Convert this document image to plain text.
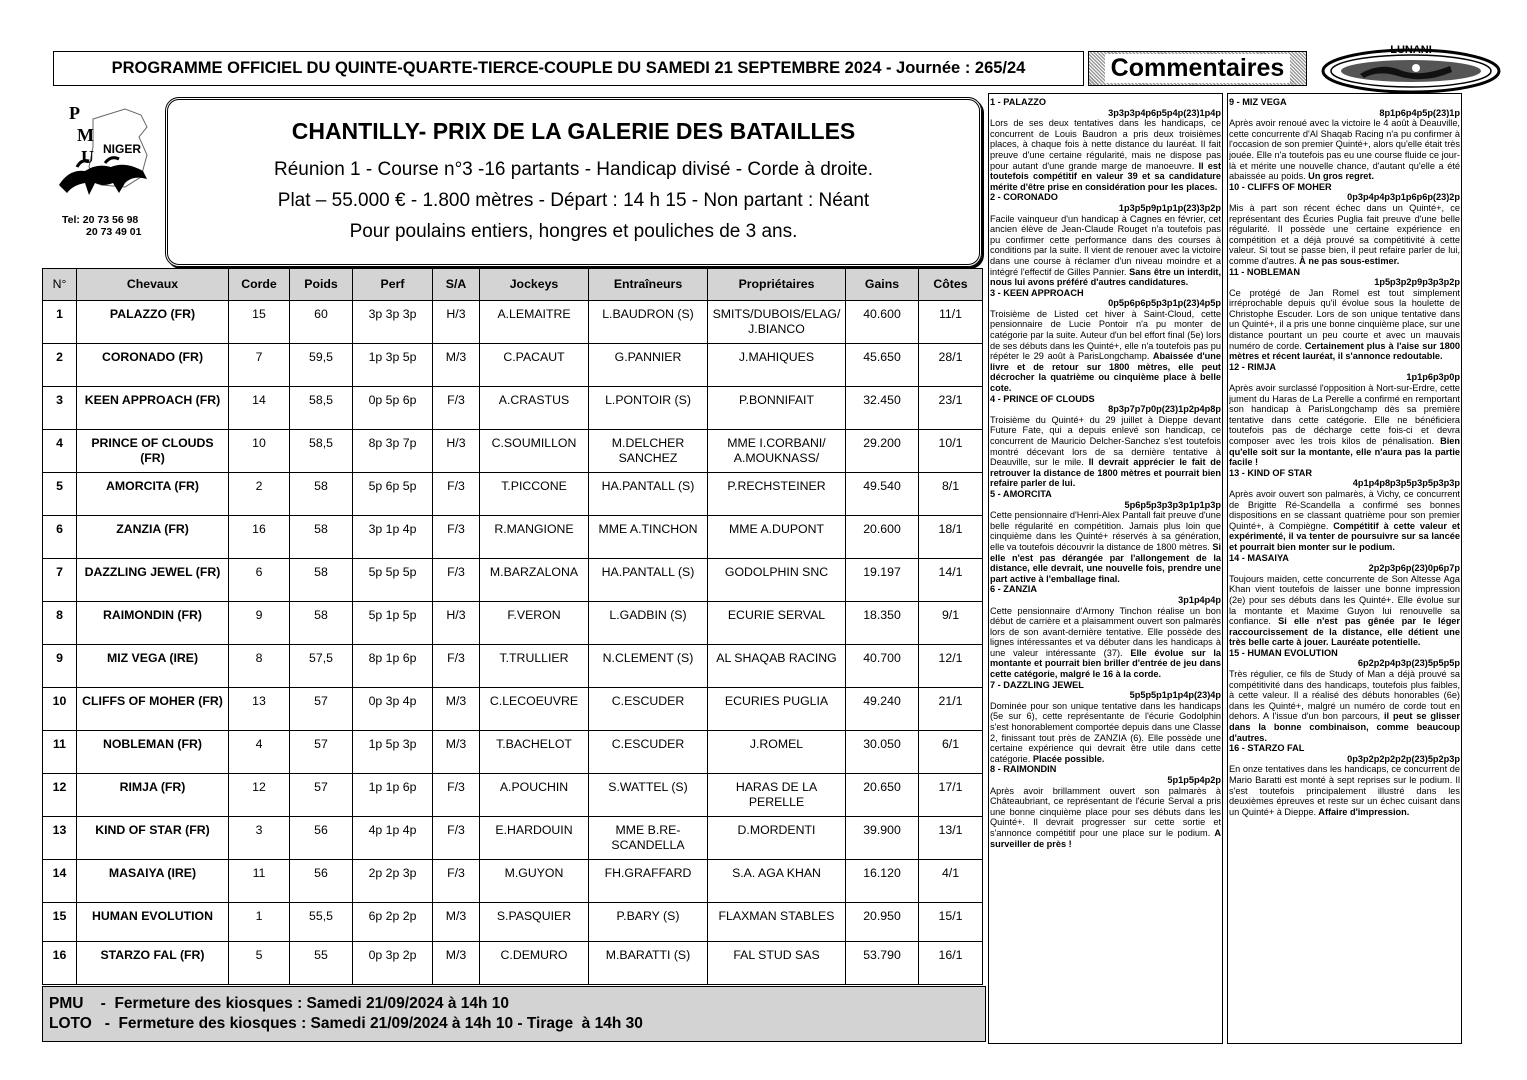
PROGRAMME OFFICIEL DU QUINTE-QUARTE-TIERCE-COUPLE DU SAMEDI 21 SEPTEMBRE 2024 - Journée : 265/24	Commentaires
LUNANI
P
M
U NIGER
Tel: 20 73 56 98
20 73 49 01
CHANTILLY- PRIX DE LA GALERIE DES BATAILLES
Réunion 1 - Course n°3 -16 partants - Handicap divisé - Corde à droite.
Plat – 55.000 € - 1.800 mètres - Départ : 14 h 15 - Non partant : Néant
Pour poulains entiers, hongres et pouliches de 3 ans.
N°	Chevaux	Corde	Poids	Perf	S/A	Jockeys	Entraîneurs	Propriétaires	Gains	Côtes
1	PALAZZO (FR)	15	60	3p 3p 3p	H/3	A.LEMAITRE	L.BAUDRON (S)	SMITS/DUBOIS/ELAG/ J.BIANCO	40.600	11/1
2	CORONADO (FR)	7	59,5	1p 3p 5p	M/3	C.PACAUT	G.PANNIER	J.MAHIQUES	45.650	28/1
3	KEEN APPROACH (FR)	14	58,5	0p 5p 6p	F/3	A.CRASTUS	L.PONTOIR (S)	P.BONNIFAIT	32.450	23/1
4	PRINCE OF CLOUDS (FR)	10	58,5	8p 3p 7p	H/3	C.SOUMILLON	M.DELCHER SANCHEZ	MME I.CORBANI/ A.MOUKNASS/	29.200	10/1
5	AMORCITA (FR)	2	58	5p 6p 5p	F/3	T.PICCONE	HA.PANTALL (S)	P.RECHSTEINER	49.540	8/1
6	ZANZIA (FR)	16	58	3p 1p 4p	F/3	R.MANGIONE	MME A.TINCHON	MME A.DUPONT	20.600	18/1
7	DAZZLING JEWEL (FR)	6	58	5p 5p 5p	F/3	M.BARZALONA	HA.PANTALL (S)	GODOLPHIN SNC	19.197	14/1
8	RAIMONDIN (FR)	9	58	5p 1p 5p	H/3	F.VERON	L.GADBIN (S)	ECURIE SERVAL	18.350	9/1
9	MIZ VEGA (IRE)	8	57,5	8p 1p 6p	F/3	T.TRULLIER	N.CLEMENT (S)	AL SHAQAB RACING	40.700	12/1
10	CLIFFS OF MOHER (FR)	13	57	0p 3p 4p	M/3	C.LECOEUVRE	C.ESCUDER	ECURIES PUGLIA	49.240	21/1
11	NOBLEMAN (FR)	4	57	1p 5p 3p	M/3	T.BACHELOT	C.ESCUDER	J.ROMEL	30.050	6/1
12	RIMJA (FR)	12	57	1p 1p 6p	F/3	A.POUCHIN	S.WATTEL (S)	HARAS DE LA PERELLE	20.650	17/1
13	KIND OF STAR (FR)	3	56	4p 1p 4p	F/3	E.HARDOUIN	MME B.RE- SCANDELLA	D.MORDENTI	39.900	13/1
14	MASAIYA (IRE)	11	56	2p 2p 3p	F/3	M.GUYON	FH.GRAFFARD	S.A. AGA KHAN	16.120	4/1
15	HUMAN EVOLUTION	1	55,5	6p 2p 2p	M/3	S.PASQUIER	P.BARY (S)	FLAXMAN STABLES	20.950	15/1
16	STARZO FAL (FR)	5	55	0p 3p 2p	M/3	C.DEMURO	M.BARATTI (S)	FAL STUD SAS	53.790	16/1
PMU    -  Fermeture des kiosques : Samedi 21/09/2024 à 14h 10
LOTO   -  Fermeture des kiosques : Samedi 21/09/2024 à 14h 10 - Tirage  à 14h 30
1 - PALAZZO
3p3p3p4p6p5p4p(23)1p4p
Lors de ses deux tentatives dans les handicaps, ce concurrent de Louis Baudron a pris deux troisièmes places, à chaque fois à nette distance du lauréat. Il fait preuve d'une certaine régularité, mais ne dispose pas pour autant d'une grande marge de manoeuvre. Il est toutefois compétitif en valeur 39 et sa candidature mérite d'être prise en considération pour les places.
2 - CORONADO
1p3p5p9p1p1p(23)3p2p
Facile vainqueur d'un handicap à Cagnes en février, cet ancien élève de Jean-Claude Rouget n'a toutefois pas pu confirmer cette performance dans des courses à conditions par la suite. Il vient de renouer avec la victoire dans une course à réclamer d'un niveau moindre et a intégré l'effectif de Gilles Pannier. Sans être un interdit, nous lui avons préféré d'autres candidatures.
3 - KEEN APPROACH
0p5p6p6p5p3p1p(23)4p5p
Troisième de Listed cet hiver à Saint-Cloud, cette pensionnaire de Lucie Pontoir n'a pu monter de catégorie par la suite. Auteur d'un bel effort final (5e) lors de ses débuts dans les Quinté+, elle n'a toutefois pas pu répéter le 29 août à ParisLongchamp. Abaissée d'une livre et de retour sur 1800 mètres, elle peut décrocher la quatrième ou cinquième place à belle cote.
4 - PRINCE OF CLOUDS
8p3p7p7p0p(23)1p2p4p8p
Troisième du Quinté+ du 29 juillet à Dieppe devant Future Fate, qui a depuis enlevé son handicap, ce concurrent de Mauricio Delcher-Sanchez s'est toutefois montré décevant lors de sa dernière tentative à Deauville, sur le mile. Il devrait apprécier le fait de retrouver la distance de 1800 mètres et pourrait bien refaire parler de lui.
5 - AMORCITA
5p6p5p3p3p3p1p1p3p
Cette pensionnaire d'Henri-Alex Pantall fait preuve d'une belle régularité en compétition. Jamais plus loin que cinquième dans les Quinté+ réservés à sa génération, elle va toutefois découvrir la distance de 1800 mètres. Si elle n'est pas dérangée par l'allongement de la distance, elle devrait, une nouvelle fois, prendre une part active à l'emballage final.
6 - ZANZIA
3p1p4p4p
Cette pensionnaire d'Armony Tinchon réalise un bon début de carrière et a plaisamment ouvert son palmarès lors de son avant-dernière tentative. Elle possède des lignes intéressantes et va débuter dans les handicaps à une valeur intéressante (37). Elle évolue sur la montante et pourrait bien briller d'entrée de jeu dans cette catégorie, malgré le 16 à la corde.
7 - DAZZLING JEWEL
5p5p5p1p1p4p(23)4p
Dominée pour son unique tentative dans les handicaps (5e sur 6), cette représentante de l'écurie Godolphin s'est honorablement comportée depuis dans une Classe 2, finissant tout près de ZANZIA (6). Elle possède une certaine expérience qui devrait être utile dans cette catégorie. Placée possible.
8 - RAIMONDIN
5p1p5p4p2p
Après avoir brillamment ouvert son palmarès à Châteaubriant, ce représentant de l'écurie Serval a pris une bonne cinquième place pour ses débuts dans les Quinté+. Il devrait progresser sur cette sortie et s'annonce compétitif pour une place sur le podium. A surveiller de près !
9 - MIZ VEGA
8p1p6p4p5p(23)1p
Après avoir renoué avec la victoire le 4 août à Deauville, cette concurrente d'Al Shaqab Racing n'a pu confirmer à l'occasion de son premier Quinté+, alors qu'elle était très jouée. Elle n'a toutefois pas eu une course fluide ce jour-là et mérite une nouvelle chance, d'autant qu'elle a été abaissée au poids. Un gros regret.
10 - CLIFFS OF MOHER
0p3p4p4p3p1p6p6p(23)2p
Mis à part son récent échec dans un Quinté+, ce représentant des Écuries Puglia fait preuve d'une belle régularité. Il possède une certaine expérience en compétition et a déjà prouvé sa compétitivité à cette valeur. Si tout se passe bien, il peut refaire parler de lui, comme d'autres. À ne pas sous-estimer.
11 - NOBLEMAN
1p5p3p2p9p3p3p2p
Ce protégé de Jan Romel est tout simplement irréprochable depuis qu'il évolue sous la houlette de Christophe Escuder. Lors de son unique tentative dans un Quinté+, il a pris une bonne cinquième place, sur une distance pourtant un peu courte et avec un mauvais numéro de corde. Certainement plus à l'aise sur 1800 mètres et récent lauréat, il s'annonce redoutable.
12 - RIMJA
1p1p6p3p0p
Après avoir surclassé l'opposition à Nort-sur-Erdre, cette jument du Haras de La Perelle a confirmé en remportant son handicap à ParisLongchamp dès sa première tentative dans cette catégorie. Elle ne bénéficiera toutefois pas de décharge cette fois-ci et devra composer avec les trois kilos de pénalisation. Bien qu'elle soit sur la montante, elle n'aura pas la partie facile !
13 - KIND OF STAR
4p1p4p8p3p5p3p5p3p3p
Après avoir ouvert son palmarès, à Vichy, ce concurrent de Brigitte Ré-Scandella a confirmé ses bonnes dispositions en se classant quatrième pour son premier Quinté+, à Compiègne. Compétitif à cette valeur et expérimenté, il va tenter de poursuivre sur sa lancée et pourrait bien monter sur le podium.
14 - MASAIYA
2p2p3p6p(23)0p6p7p
Toujours maiden, cette concurrente de Son Altesse Aga Khan vient toutefois de laisser une bonne impression (2e) pour ses débuts dans les Quinté+. Elle évolue sur la montante et Maxime Guyon lui renouvelle sa confiance. Si elle n'est pas gênée par le léger raccourcissement de la distance, elle détient une très belle carte à jouer. Lauréate potentielle.
15 - HUMAN EVOLUTION
6p2p2p4p3p(23)5p5p5p
Très régulier, ce fils de Study of Man a déjà prouvé sa compétitivité dans des handicaps, toutefois plus faibles, à cette valeur. Il a réalisé des débuts honorables (6e) dans les Quinté+, malgré un numéro de corde tout en dehors. A l'issue d'un bon parcours, il peut se glisser dans la bonne combinaison, comme beaucoup d'autres.
16 - STARZO FAL
0p3p2p2p2p2p(23)5p2p3p
En onze tentatives dans les handicaps, ce concurrent de Mario Baratti est monté à sept reprises sur le podium. Il s'est toutefois principalement illustré dans les deuxièmes épreuves et reste sur un échec cuisant dans un Quinté+ à Dieppe. Affaire d'impression.
